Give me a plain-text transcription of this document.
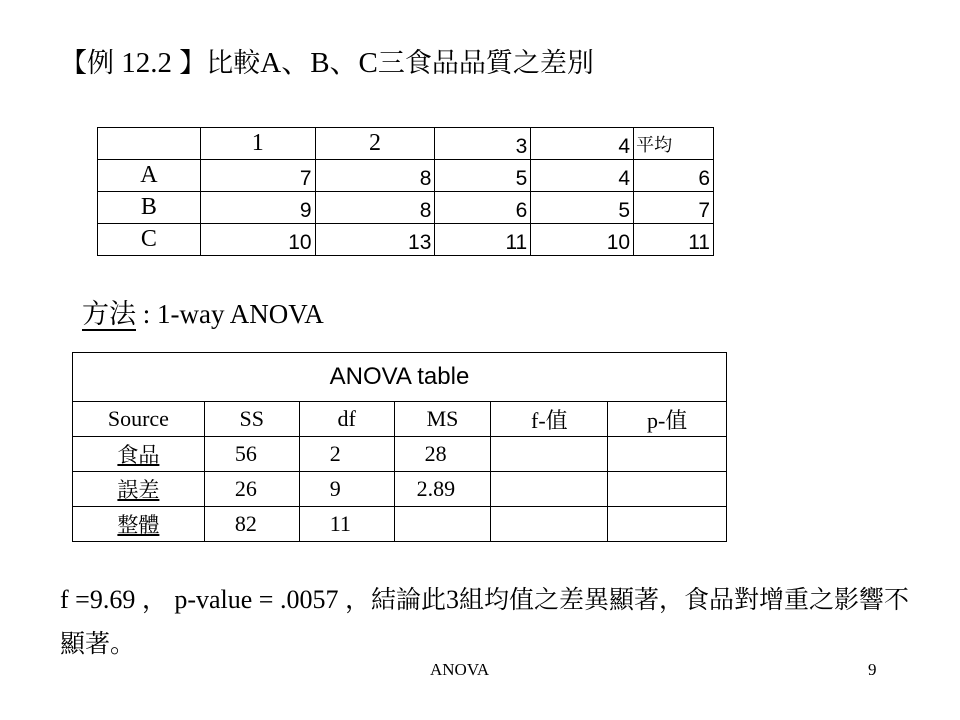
【例 12.2 】比較A、B、C三食品品質之差別
	1	2	3	4	平均
A	7	8	5	4	6
B	9	8	6	5	7
C	10	13	11	10	11
方法 : 1-way ANOVA
ANOVA table					
Source	SS	df	MS	f-值	p-值
食品	56	2	28		
誤差	26	9	2.89		
整體	82	11			
f =9.69 ， p-value = .0057 ，結論此3組均值之差異顯著，食品對增重之影響不顯著。
ANOVA	9
